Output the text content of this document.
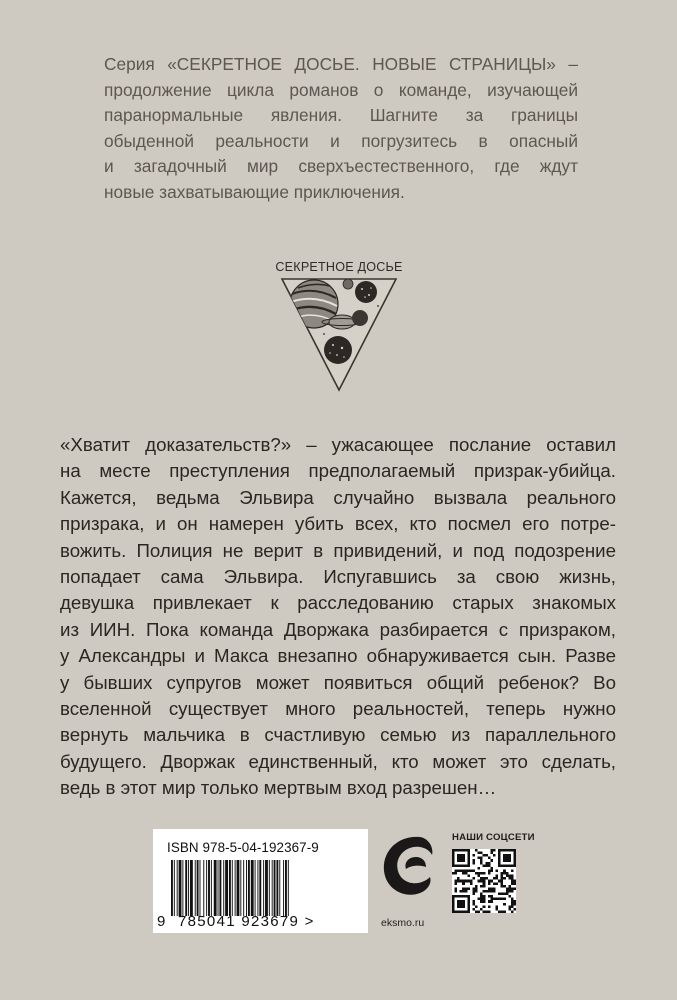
Серия «СЕКРЕТНОЕ ДОСЬЕ. НОВЫЕ СТРАНИЦЫ» –
продолжение цикла романов о команде, изучающей
паранормальные явления. Шагните за границы
обыденной реальности и погрузитесь в опасный
и загадочный мир сверхъестественного, где ждут
новые захватывающие приключения.
СЕКРЕТНОЕ ДОСЬЕ
«Хватит доказательств?» – ужасающее послание оставил
на месте преступления предполагаемый призрак-убийца.
Кажется, ведьма Эльвира случайно вызвала реального
призрака, и он намерен убить всех, кто посмел его потре-
вожить. Полиция не верит в привидений, и под подозрение
попадает сама Эльвира. Испугавшись за свою жизнь,
девушка привлекает к расследованию старых знакомых
из ИИН. Пока команда Дворжака разбирается с призраком,
у Александры и Макса внезапно обнаруживается сын. Разве
у бывших супругов может появиться общий ребенок? Во
вселенной существует много реальностей, теперь нужно
вернуть мальчика в счастливую семью из параллельного
будущего. Дворжак единственный, кто может это сделать,
ведь в этот мир только мертвым вход разрешен…
ISBN 978-5-04-192367-9
9 785041 923679 >	eksmo.ru
НАШИ СОЦСЕТИ
